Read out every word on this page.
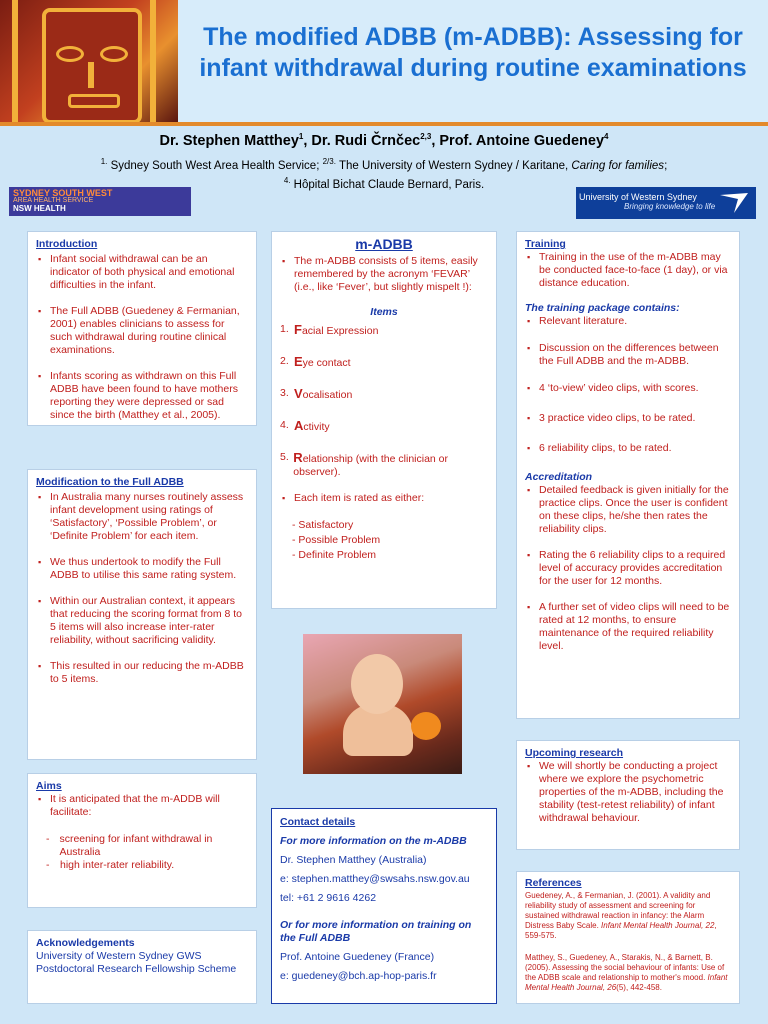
The modified ADBB (m-ADBB): Assessing for infant withdrawal during routine examinations
Dr. Stephen Matthey$^1$, Dr. Rudi Črnčec$^{2,3}$, Prof. Antoine Guedeney$^4$
$^{1.}$ Sydney South West Area Health Service; $^{2/3.}$ The University of Western Sydney / Karitane, Caring for families;
$^{4.}$ Hôpital Bichat Claude Bernard, Paris.
SYDNEY SOUTH WEST
AREA HEALTH SERVICE
NSW HEALTH
University of Western Sydney
Bringing knowledge to life
Introduction
▪ Infant social withdrawal can be an indicator of both physical and emotional difficulties in the infant.
▪ The Full ADBB (Guedeney & Fermanian, 2001) enables clinicians to assess for such withdrawal during routine clinical examinations.
▪ Infants scoring as withdrawn on this Full ADBB have been found to have mothers reporting they were depressed or sad since the birth (Matthey et al., 2005).
Modification to the Full ADBB
▪ In Australia many nurses routinely assess infant development using ratings of ‘Satisfactory’, ‘Possible Problem’, or ‘Definite Problem’ for each item.
▪ We thus undertook to modify the Full ADBB to utilise this same rating system.
▪ Within our Australian context, it appears that reducing the scoring format from 8 to 5 items will also increase inter-rater reliability, without sacrificing validity.
▪ This resulted in our reducing the m-ADBB to 5 items.
Aims
▪ It is anticipated that the m-ADDB will facilitate:
- screening for infant withdrawal in Australia
-	high inter-rater reliability.
Acknowledgements
University of Western Sydney GWS Postdoctoral Research Fellowship Scheme
m-ADBB
▪ The m-ADBB consists of 5 items, easily remembered by the acronym ‘FEVAR’ (i.e., like ‘Fever’, but slightly mispelt !):
Items
1. Facial Expression
2. Eye contact
3. Vocalisation
4. Activity
5. Relationship (with the clinician or observer).
▪ Each item is rated as either:
- Satisfactory
- Possible Problem
- Definite Problem
Contact details
For more information on the m-ADBB
Dr. Stephen Matthey (Australia)
e: stephen.matthey@swsahs.nsw.gov.au
tel: +61 2 9616 4262
Or for more information on training on the Full ADBB
Prof. Antoine Guedeney (France)
e: guedeney@bch.ap-hop-paris.fr
Training
▪ Training in the use of the m-ADBB may be conducted face-to-face (1 day), or via distance education.
The training package contains:
▪ Relevant literature.
▪ Discussion on the differences between the Full ADBB and the m-ADBB.
▪ 4 ‘to-view’ video clips, with scores.
▪ 3 practice video clips, to be rated.
▪ 6 reliability clips, to be rated.
Accreditation
▪ Detailed feedback is given initially for the practice clips. Once the user is confident on these clips, he/she then rates the reliability clips.
▪ Rating the 6 reliability clips to a required level of accuracy provides accreditation for the user for 12 months.
▪ A further set of video clips will need to be rated at 12 months, to ensure maintenance of the required reliability level.
Upcoming research
▪ We will shortly be conducting a project where we explore the psychometric properties of the m-ADBB, including the stability (test-retest reliability) of infant withdrawal behaviour.
References
Guedeney, A., & Fermanian, J. (2001). A validity and reliability study of assessment and screening for sustained withdrawal reaction in infancy: the Alarm Distress Baby Scale. Infant Mental Health Journal, 22, 559-575.
Matthey, S., Guedeney, A., Starakis, N., & Barnett, B. (2005). Assessing the social behaviour of infants: Use of the ADBB scale and relationship to mother's mood. Infant Mental Health Journal, 26(5), 442-458.
